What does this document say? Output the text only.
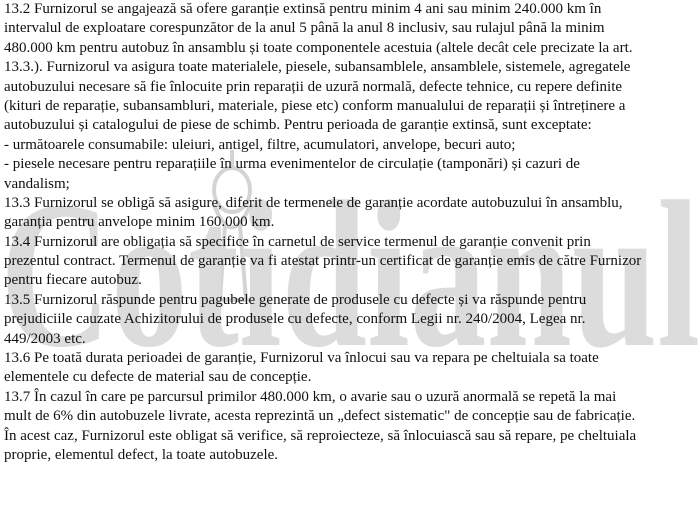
Cotidianul
13.2 Furnizorul se angajează să ofere garanție extinsă pentru minim 4 ani sau minim 240.000 km în
intervalul de exploatare corespunzător de la anul 5 până la anul 8 inclusiv, sau rulajul până la minim
480.000 km pentru autobuz în ansamblu și toate componentele acestuia (altele decât cele precizate la art.
13.3.). Furnizorul va asigura toate materialele, piesele, subansamblele, ansamblele, sistemele, agregatele
autobuzului necesare să fie înlocuite prin reparații de uzură normală, defecte tehnice, cu repere definite
(kituri de reparație, subansambluri, materiale, piese etc) conform manualului de reparații și întreținere a
autobuzului și catalogului de piese de schimb. Pentru perioada de garanție extinsă, sunt exceptate:
- următoarele consumabile: uleiuri, antigel, filtre, acumulatori, anvelope, becuri auto;
- piesele necesare pentru reparațiile în urma evenimentelor de circulație (tamponări) și cazuri de
vandalism;
13.3 Furnizorul se obligă să asigure, diferit de termenele de garanție acordate autobuzului în ansamblu,
garanția pentru anvelope minim 160.000 km.
13.4 Furnizorul are obligația să specifice în carnetul de service termenul de garanție convenit prin
prezentul contract. Termenul de garanție va fi atestat printr-un certificat de garanție emis de către Furnizor
pentru fiecare autobuz.
13.5 Furnizorul răspunde pentru pagubele generate de produsele cu defecte și va răspunde pentru
prejudiciile cauzate Achizitorului de produsele cu defecte, conform Legii nr. 240/2004, Legea nr.
449/2003 etc.
13.6 Pe toată durata perioadei de garanție, Furnizorul va înlocui sau va repara pe cheltuiala sa toate
elementele cu defecte de material sau de concepție.
13.7 În cazul în care pe parcursul primilor 480.000 km, o avarie sau o uzură anormală se repetă la mai
mult de 6% din autobuzele livrate, acesta reprezintă un „defect sistematic" de concepție sau de fabricație.
În acest caz, Furnizorul este obligat să verifice, să reproiecteze, să înlocuiască sau să repare, pe cheltuiala
proprie, elementul defect, la toate autobuzele.
